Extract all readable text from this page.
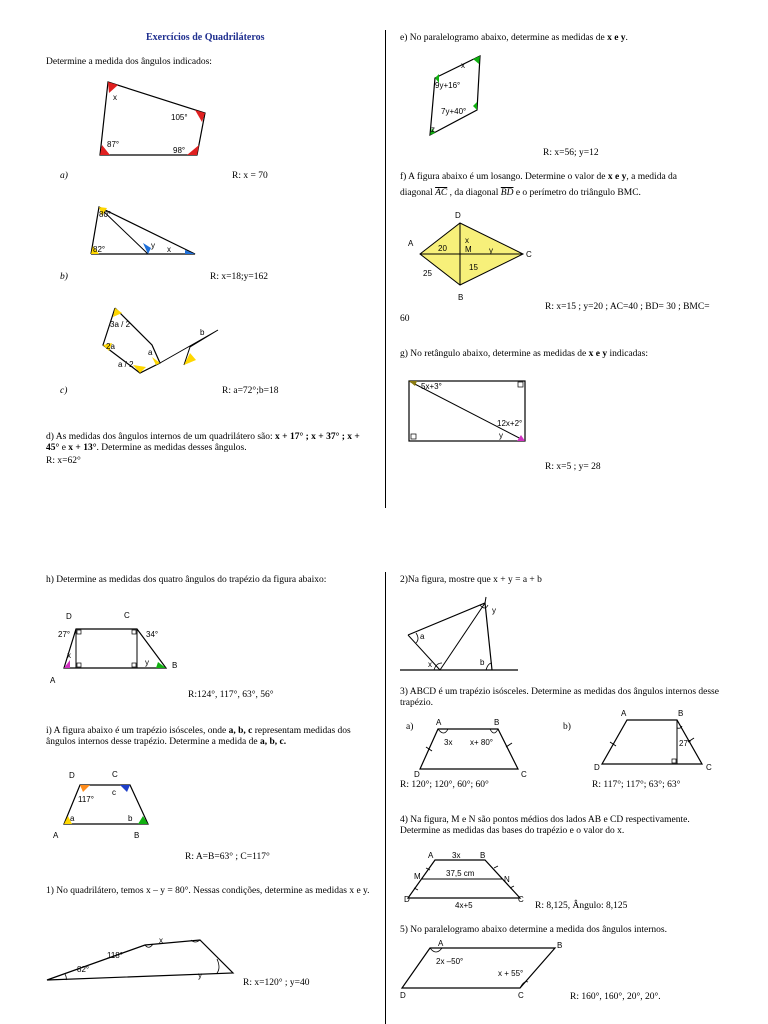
Exercícios de Quadriláteros
Determine a medida dos ângulos indicados:
x
105°
87°
98°
a)	R: x = 70
80°
82°	y x
b)	R: x=18;y=162
3a / 2
2a
a / 2
a
b
c)	R: a=72°;b=18
d) As medidas dos ângulos internos de um quadrilátero são: x + 17° ; x + 37° ; x + 45° e x + 13°. Determine as medidas desses ângulos.
R: x=62°
e) No paralelogramo abaixo, determine as medidas de x e y.
x
9y+16°
7y+40°
z
R: x=56; y=12
f) A figura abaixo é um losango. Determine o valor de x e y, a medida da
diagonal $\overline{AC}$ , da diagonal $\overline{BD}$ e o perímetro do triângulo BMC.
D
A
C
B
M
20
x
y
15
25
R: x=15 ; y=20 ; AC=40 ; BD= 30 ; BMC=
60
g) No retângulo abaixo, determine as medidas de x e y indicadas:
5x+3°
12x+2°
y
R: x=5 ; y= 28
h) Determine as medidas dos quatro ângulos do trapézio da figura abaixo:
D	C
A
B
27°	34°
x
y
R:124°, 117°, 63°, 56°
i) A figura abaixo é um trapézio isósceles, onde a, b, c representam medidas dos ângulos internos desse trapézio. Determine a medida de a, b, c.
D	C
A	B
117°
c
a	b
R: A=B=63° ; C=117°
1) No quadrilátero, temos x – y = 80°. Nessas condições, determine as medidas x e y.
118°
x
82°
y
R: x=120° ; y=40
2)Na figura, mostre que x + y = a + b
y
a
x	b
3) ABCD é um trapézio isósceles. Determine as medidas dos ângulos internos desse trapézio.
a)	A	B
D	C
3x x+ 80°
b)
A	B
D	C
27°
R: 120°; 120°, 60°; 60°	R: 117°; 117°; 63°; 63°
4) Na figura, M e N são pontos médios dos lados AB e CD respectivamente. Determine as medidas das bases do trapézio e o valor do x.
A	B
M	N
D	C
3x
37,5 cm
4x+5	R: 8,125, Ângulo: 8,125
5) No paralelogramo abaixo determine a medida dos ângulos internos.
A	B
D	C
2x –50°
x + 55°
R: 160°, 160°, 20°, 20°.
